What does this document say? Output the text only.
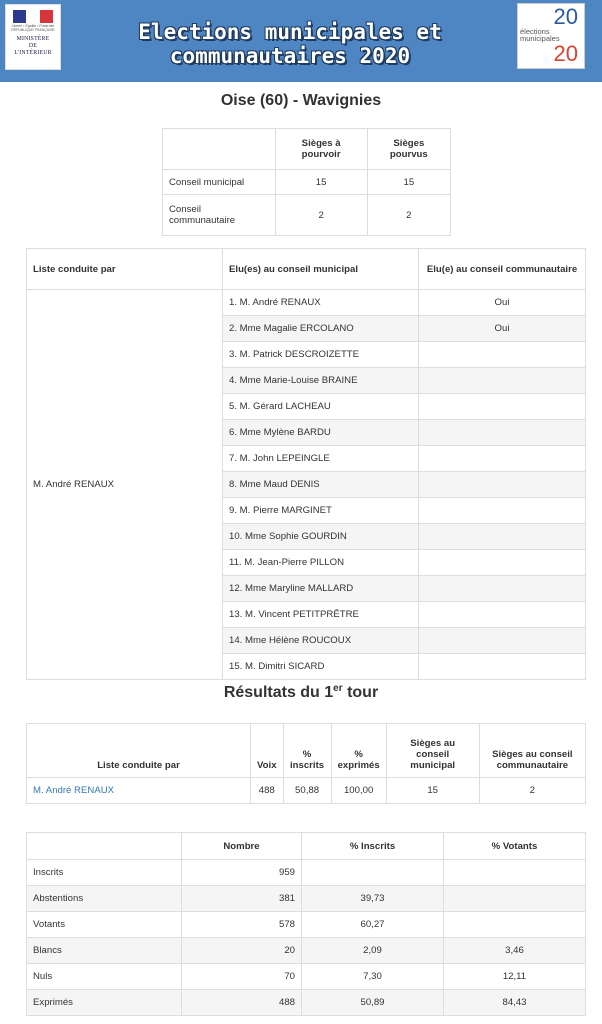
Liberté • Égalité • Fraternité RÉPUBLIQUE FRANÇAISE
MINISTÈRE
DE
L'INTÉRIEUR
Elections municipales et
communautaires 2020
20
élections
municipales
20
Oise (60) - Wavignies
	Sièges à pourvoir	Sièges pourvus
Conseil municipal	15	15
Conseil communautaire	2	2
Liste conduite par	Elu(es) au conseil municipal	Elu(e) au conseil communautaire
M. André RENAUX	1. M. André RENAUX	Oui
	2. Mme Magalie ERCOLANO	Oui
	3. M. Patrick DESCROIZETTE	
	4. Mme Marie-Louise BRAINE	
	5. M. Gérard LACHEAU	
	6. Mme Mylène BARDU	
	7. M. John LEPEINGLE	
	8. Mme Maud DENIS	
	9. M. Pierre MARGINET	
	10. Mme Sophie GOURDIN	
	11. M. Jean-Pierre PILLON	
	12. Mme Maryline MALLARD	
	13. M. Vincent PETITPRÊTRE	
	14. Mme Hélène ROUCOUX	
	15. M. Dimitri SICARD	
Résultats du 1er tour
Liste conduite par	Voix	% inscrits	% exprimés	Sièges au conseil municipal	Sièges au conseil communautaire
M. André RENAUX	488	50,88	100,00	15	2
	Nombre	% Inscrits	% Votants
Inscrits	959		
Abstentions	381	39,73	
Votants	578	60,27	
Blancs	20	2,09	3,46
Nuls	70	7,30	12,11
Exprimés	488	50,89	84,43
